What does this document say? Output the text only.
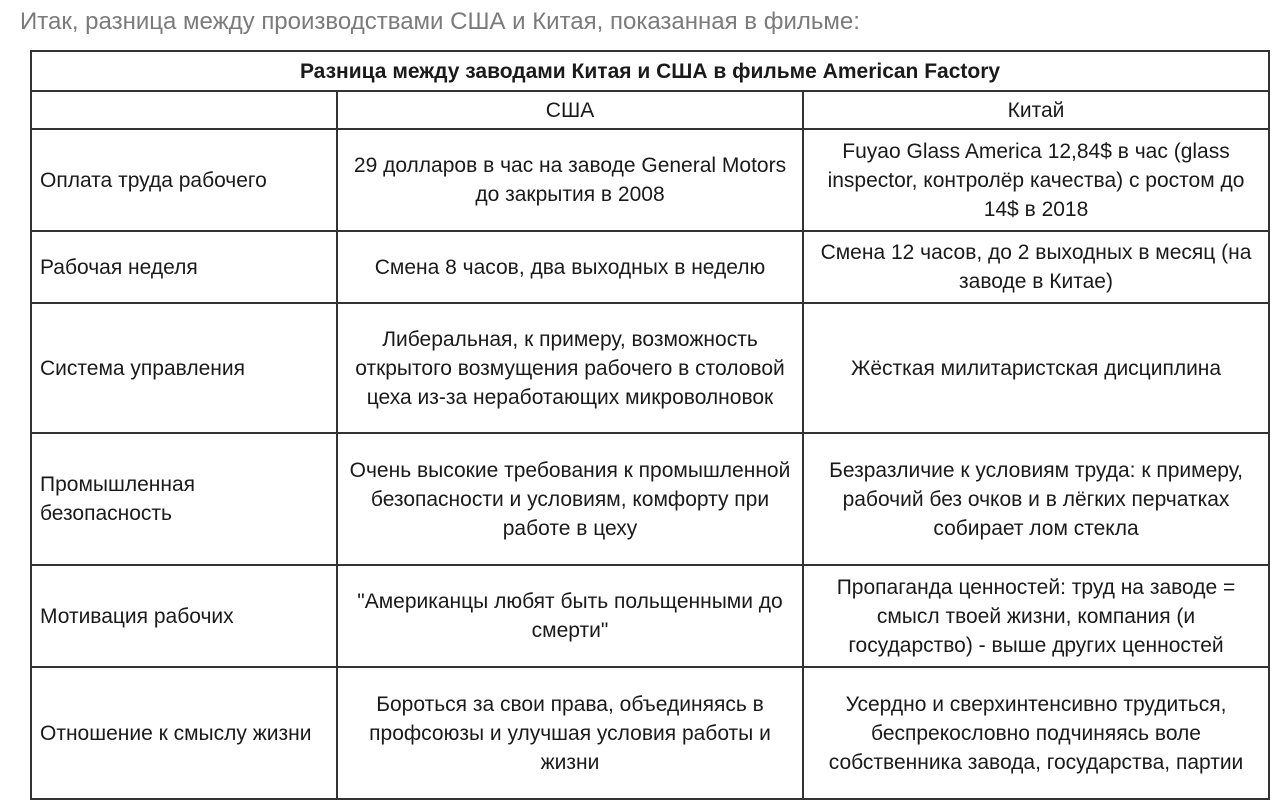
Итак, разница между производствами США и Китая, показанная в фильме:
Разница между заводами Китая и США в фильме American Factory		
	США	Китай
Оплата труда рабочего	29 долларов в час на заводе General Motors до закрытия в 2008	Fuyao Glass America 12,84$ в час (glass inspector, контролёр качества) с ростом до 14$ в 2018
Рабочая неделя	Смена 8 часов, два выходных в неделю	Смена 12 часов, до 2 выходных в месяц (на заводе в Китае)
Система управления	Либеральная, к примеру, возможность открытого возмущения рабочего в столовой цеха из-за неработающих микроволновок	Жёсткая милитаристская дисциплина
Промышленная безопасность	Очень высокие требования к промышленной безопасности и условиям, комфорту при работе в цеху	Безразличие к условиям труда: к примеру, рабочий без очков и в лёгких перчатках собирает лом стекла
Мотивация рабочих	"Американцы любят быть польщенными до смерти"	Пропаганда ценностей: труд на заводе = смысл твоей жизни, компания (и государство) - выше других ценностей
Отношение к смыслу жизни	Бороться за свои права, объединяясь в профсоюзы и улучшая условия работы и жизни	Усердно и сверхинтенсивно трудиться, беспрекословно подчиняясь воле собственника завода, государства, партии
